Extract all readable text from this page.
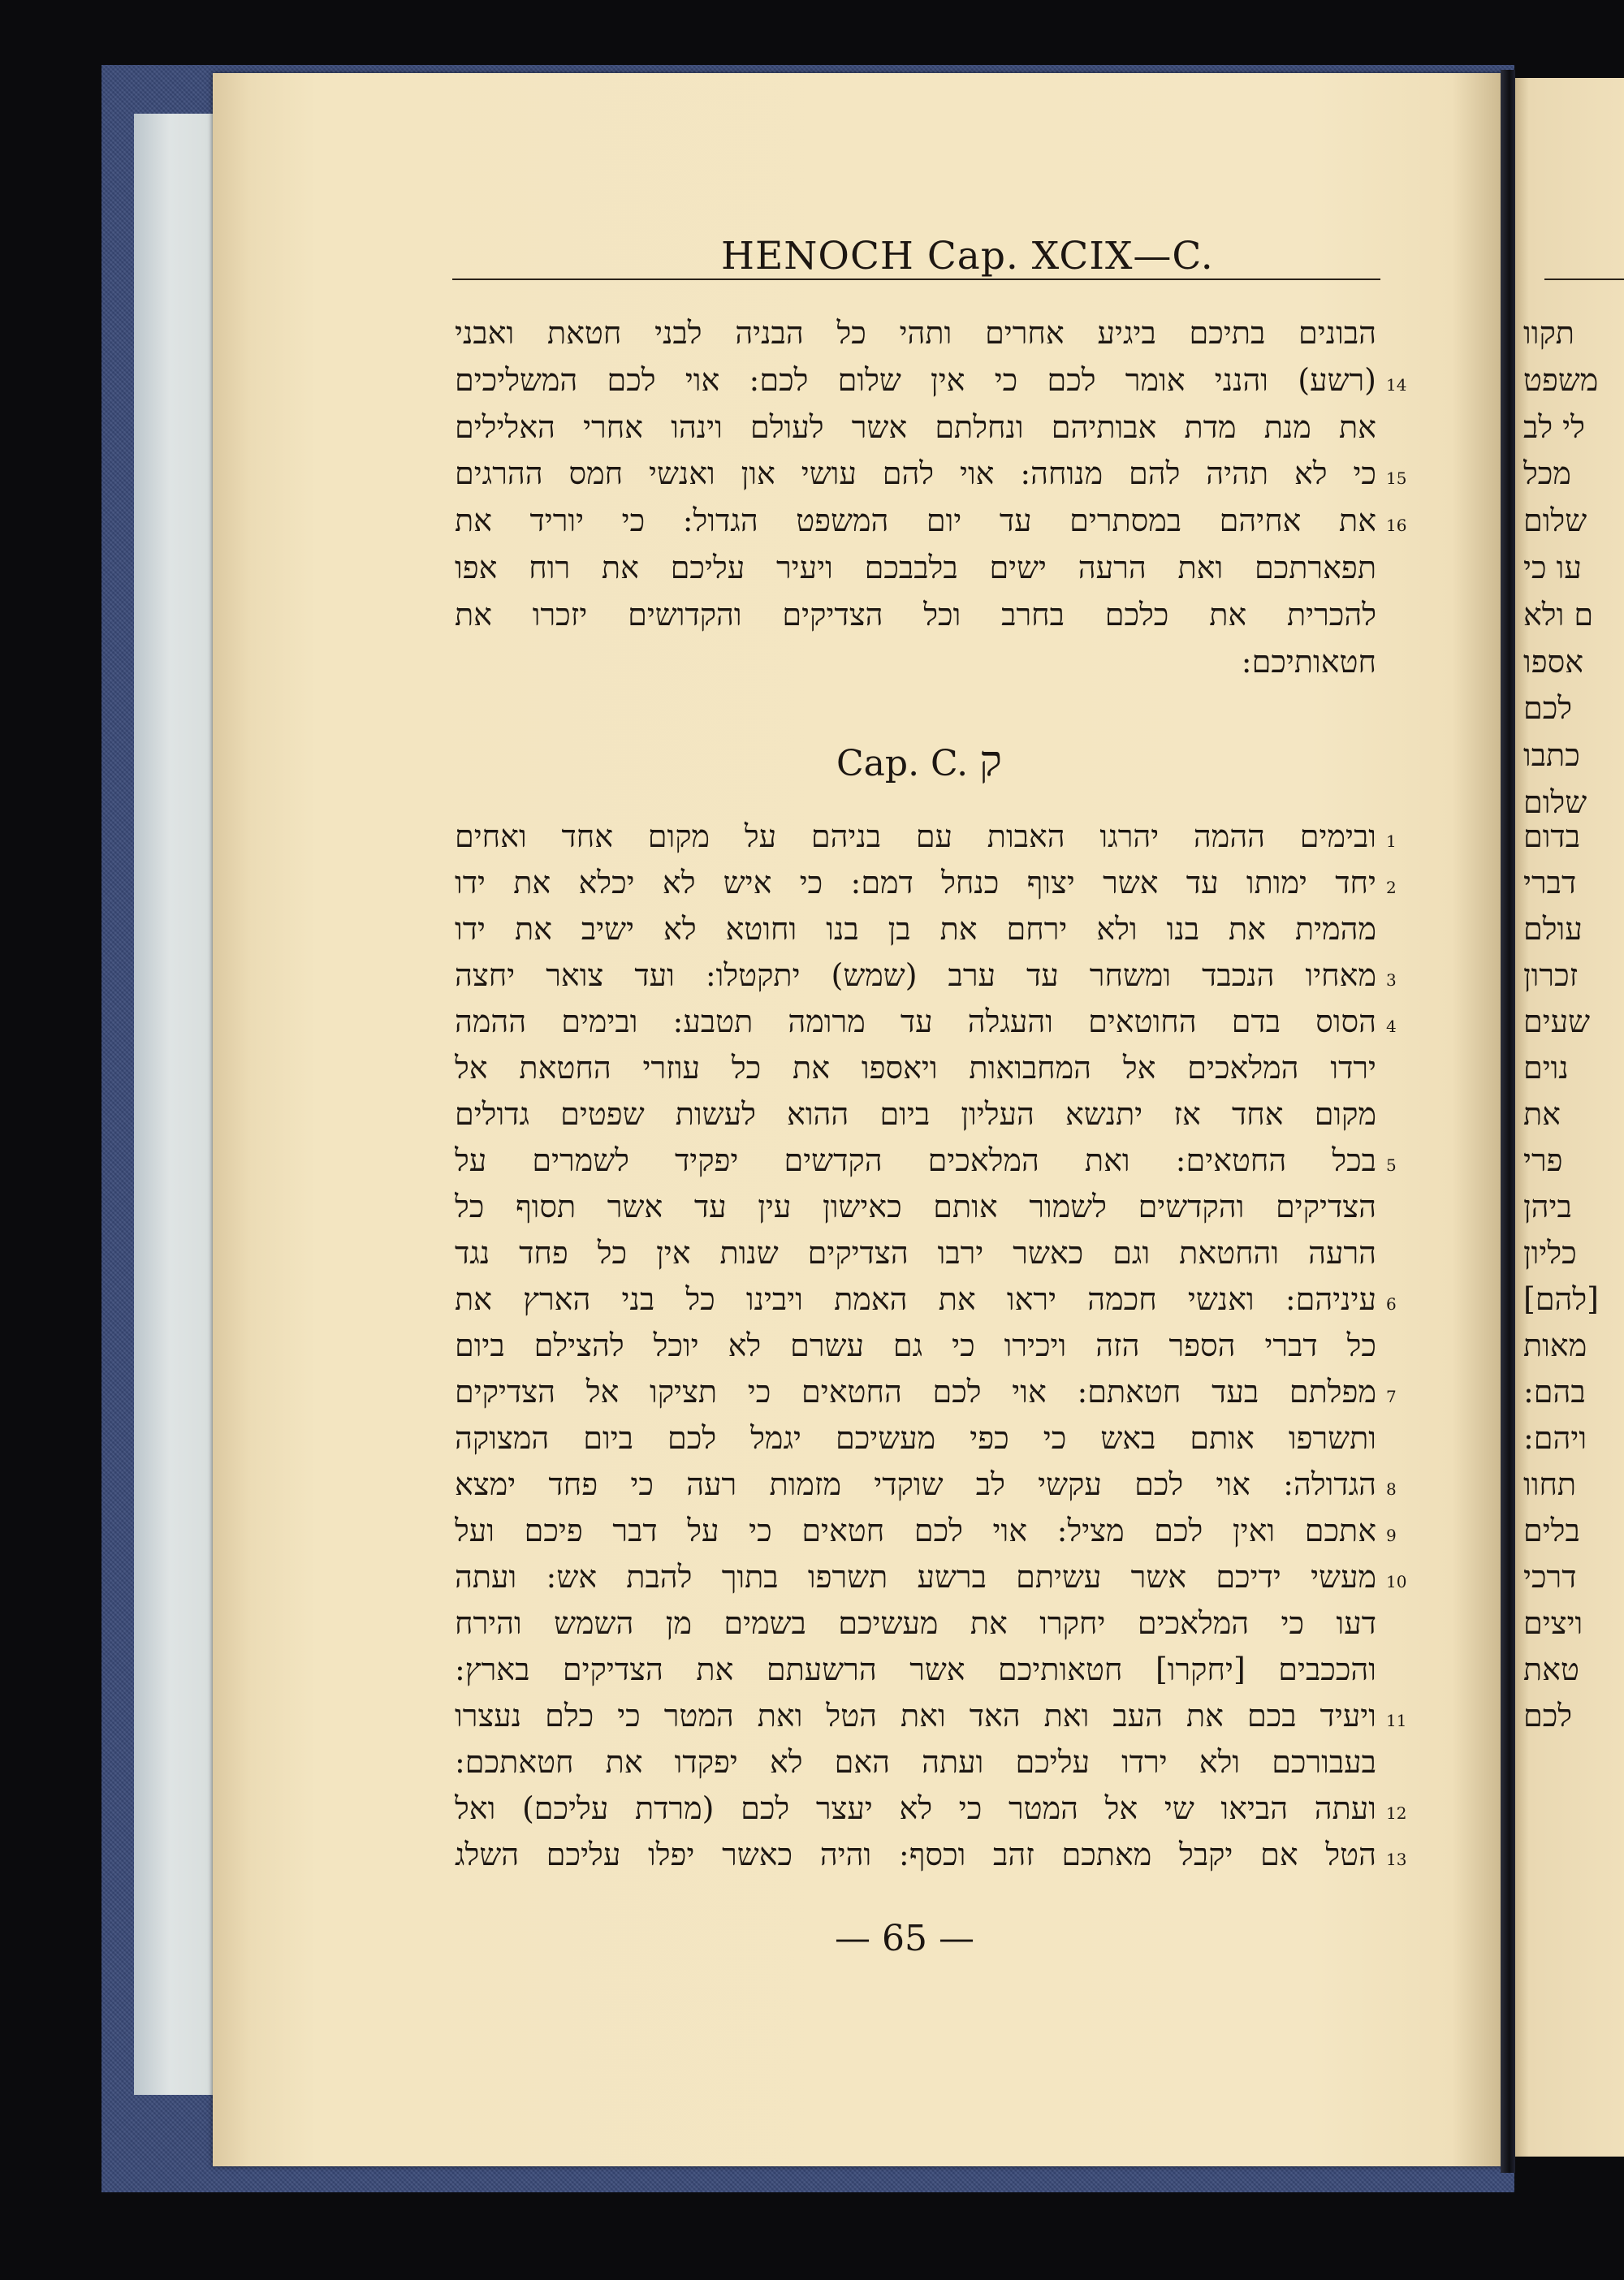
תקוו
משפט
לי לב
מכל
שלום
עו כי
ם ולא
אספו
לכם
כתבו
שלום
בדום
דברי
עולם
זכרון
שעים
נוים
את
פרי
ביהן
כליון
[להם]
מאות
בהם:
ויהם:
תחוו
בלים
דרכי
ויצים
טאת
לכם
HENOCH Cap. XCIX—C.
הבונים בתיכם ביגיע אחרים ותהי כל הבניה לבני חטאת ואבני
(רשע) והנני אומר לכם כי אין שלום לכם: אוי לכם המשליכים 14
את מנת מדת אבותיהם ונחלתם אשר לעולם וינהו אחרי האלילים
כי לא תהיה להם מנוחה: אוי להם עושי און ואנשי חמס ההרגים 15
את אחיהם במסתרים עד יום המשפט הגדול: כי יוריד את 16
תפארתכם ואת הרעה ישים בלבבכם ויעיר עליכם את רוח אפו
להכרית את כלכם בחרב וכל הצדיקים והקדושים יזכרו את
חטאותיכם:
Cap. C. ק
ובימים ההמה יהרגו האבות עם בניהם על מקום אחד ואחים 1
יחד ימותו עד אשר יצוף כנחל דמם: כי איש לא יכלא את ידו 2
מהמית את בנו ולא ירחם את בן בנו וחוטא לא ישיב את ידו
מאחיו הנכבד ומשחר עד ערב (שמש) יתקטלו: ועד צואר יחצה 3
הסוס בדם החוטאים והעגלה עד מרומה תטבע: ובימים ההמה 4
ירדו המלאכים אל המחבואות ויאספו את כל עוזרי החטאת אל
מקום אחד אז יתנשא העליון ביום ההוא לעשות שפטים גדולים
בכל החטאים: ואת המלאכים הקדשים יפקיד לשמרים על 5
הצדיקים והקדשים לשמור אותם כאישון עין עד אשר תסוף כל
הרעה והחטאת וגם כאשר ירבו הצדיקים שנות אין כל פחד נגד
עיניהם: ואנשי חכמה יראו את האמת ויבינו כל בני הארץ את 6
כל דברי הספר הזה ויכירו כי גם עשרם לא יוכל להצילם ביום
מפלתם בעד חטאתם: אוי לכם החטאים כי תציקו אל הצדיקים 7
ותשרפו אותם באש כי כפי מעשיכם יגמל לכם ביום המצוקה
הגדולה: אוי לכם עקשי לב שוקדי מזמות רעה כי פחד ימצא 8
אתכם ואין לכם מציל: אוי לכם חטאים כי על דבר פיכם ועל 9
מעשי ידיכם אשר עשיתם ברשע תשרפו בתוך להבת אש: ועתה 10
דעו כי המלאכים יחקרו את מעשיכם בשמים מן השמש והירח
והככבים [יחקרו] חטאותיכם אשר הרשעתם את הצדיקים בארץ:
ויעיד בכם את העב ואת האד ואת הטל ואת המטר כי כלם נעצרו 11
בעבורכם ולא ירדו עליכם ועתה האם לא יפקדו את חטאתכם:
ועתה הביאו שי אל המטר כי לא יעצר לכם (מרדת עליכם) ואל 12
הטל אם יקבל מאתכם זהב וכסף: והיה כאשר יפלו עליכם השלג 13
— 65 —
